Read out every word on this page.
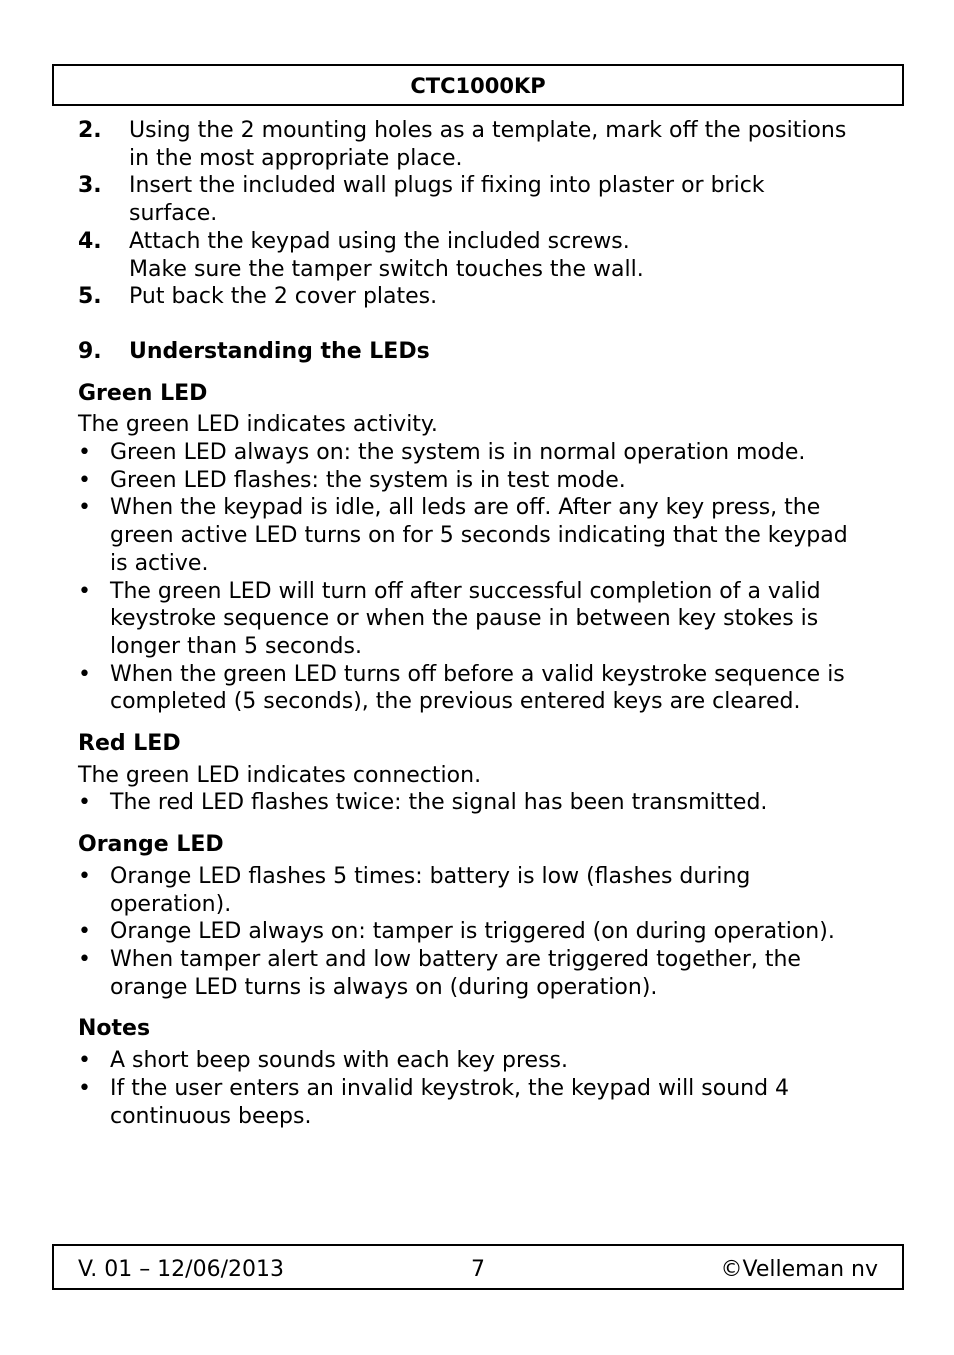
CTC1000KP
2. Using the 2 mounting holes as a template, mark off the positions
in the most appropriate place.
3. Insert the included wall plugs if fixing into plaster or brick
surface.
4. Attach the keypad using the included screws.
Make sure the tamper switch touches the wall.
5. Put back the 2 cover plates.
9. Understanding the LEDs
Green LED
The green LED indicates activity.
• Green LED always on: the system is in normal operation mode.
• Green LED flashes: the system is in test mode.
• When the keypad is idle, all leds are off. After any key press, the
green active LED turns on for 5 seconds indicating that the keypad
is active.
• The green LED will turn off after successful completion of a valid
keystroke sequence or when the pause in between key stokes is
longer than 5 seconds.
• When the green LED turns off before a valid keystroke sequence is
completed (5 seconds), the previous entered keys are cleared.
Red LED
The green LED indicates connection.
• The red LED flashes twice: the signal has been transmitted.
Orange LED
• Orange LED flashes 5 times: battery is low (flashes during
operation).
• Orange LED always on: tamper is triggered (on during operation).
• When tamper alert and low battery are triggered together, the
orange LED turns is always on (during operation).
Notes
• A short beep sounds with each key press.
• If the user enters an invalid keystrok, the keypad will sound 4
continuous beeps.
V. 01 – 12/06/2013	7	©Velleman nv
